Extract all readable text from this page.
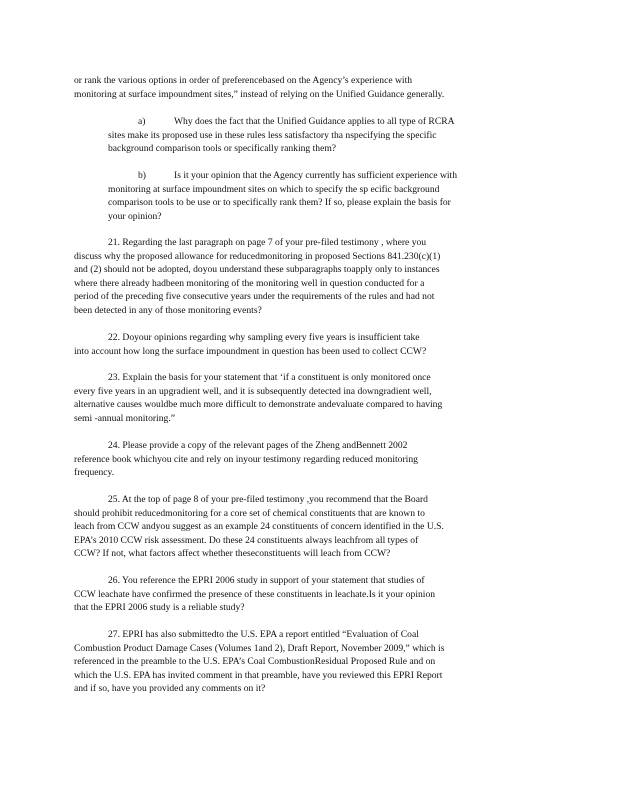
or rank the various options in order of preferencebased on the Agency’s experience with

monitoring at surface impoundment sites,” instead of relying on the Unified Guidance generally.

a)	Why does the fact that the Unified Guidance applies to all type of RCRA

sites make its proposed use in these rules less satisfactory tha nspecifying the specific

background comparison tools or specifically ranking them?

b)	Is it your opinion that the Agency currently has sufficient experience with

monitoring at surface impoundment sites on which to specify the sp ecific background

comparison tools to be use or to specifically rank them? If so, please explain the basis for

your opinion?

21. Regarding the last paragraph on page 7 of your pre-filed testimony , where you

discuss why the proposed allowance for reducedmonitoring in proposed Sections 841.230(c)(1)

and (2) should not be adopted, doyou understand these subparagraphs toapply only to instances

where there already hadbeen monitoring of the monitoring well in question conducted for a

period of the preceding five consecutive years under the requirements of the rules and had not

been detected in any of those monitoring events?

22. Doyour opinions regarding why sampling every five years is insufficient take

into account how long the surface impoundment in question has been used to collect CCW?

23. Explain the basis for your statement that ‘if a constituent is only monitored once

every five years in an upgradient well, and it is subsequently detected ina downgradient well,

alternative causes wouldbe much more difficult to demonstrate andevaluate compared to having

semi -annual monitoring.”

24. Please provide a copy of the relevant pages of the Zheng andBennett 2002

reference book whichyou cite and rely on inyour testimony regarding reduced monitoring

frequency.

25. At the top of page 8 of your pre-filed testimony ,you recommend that the Board

should prohibit reducedmonitoring for a core set of chemical constituents that are known to

leach from CCW andyou suggest as an example 24 constituents of concern identified in the U.S.

EPA’s 2010 CCW risk assessment. Do these 24 constituents always leachfrom all types of

CCW? If not, what factors affect whether theseconstituents will leach from CCW?

26. You reference the EPRI 2006 study in support of your statement that studies of

CCW leachate have confirmed the presence of these constituents in leachate.Is it your opinion

that the EPRI 2006 study is a reliable study?

27. EPRI has also submittedto the U.S. EPA a report entitled “Evaluation of Coal

Combustion Product Damage Cases (Volumes 1and 2), Draft Report, November 2009,” which is

referenced in the preamble to the U.S. EPA’s Coal CombustionResidual Proposed Rule and on

which the U.S. EPA has invited comment in that preamble, have you reviewed this EPRI Report

and if so, have you provided any comments on it?
